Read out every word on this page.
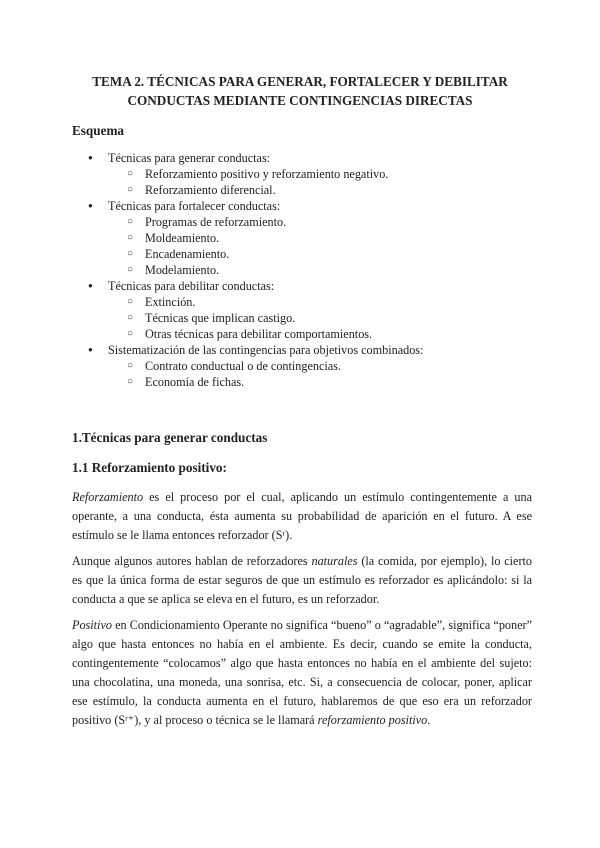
TEMA 2. TÉCNICAS PARA GENERAR, FORTALECER Y DEBILITAR CONDUCTAS MEDIANTE CONTINGENCIAS DIRECTAS
Esquema
● Técnicas para generar conductas:
○ Reforzamiento positivo y reforzamiento negativo.
○ Reforzamiento diferencial.
● Técnicas para fortalecer conductas:
○ Programas de reforzamiento.
○ Moldeamiento.
○ Encadenamiento.
○ Modelamiento.
● Técnicas para debilitar conductas:
○ Extinción.
○ Técnicas que implican castigo.
○ Otras técnicas para debilitar comportamientos.
● Sistematización de las contingencias para objetivos combinados:
○ Contrato conductual o de contingencias.
○ Economía de fichas.
1.Técnicas para generar conductas
1.1 Reforzamiento positivo:

Reforzamiento es el proceso por el cual, aplicando un estímulo contingentemente a una operante, a una conducta, ésta aumenta su probabilidad de aparición en el futuro. A ese estímulo se le llama entonces reforzador (Sʳ).

Aunque algunos autores hablan de reforzadores naturales (la comida, por ejemplo), lo cierto es que la única forma de estar seguros de que un estímulo es reforzador es aplicándolo: si la conducta a que se aplica se eleva en el futuro, es un reforzador.

Positivo en Condicionamiento Operante no significa “bueno” o “agradable”, significa “poner” algo que hasta entonces no había en el ambiente. Es decir, cuando se emite la conducta, contingentemente “colocamos” algo que hasta entonces no había en el ambiente del sujeto: una chocolatina, una moneda, una sonrisa, etc. Si, a consecuencia de colocar, poner, aplicar ese estímulo, la conducta aumenta en el futuro, hablaremos de que eso era un reforzador positivo (Sʳ⁺), y al proceso o técnica se le llamará reforzamiento positivo.
